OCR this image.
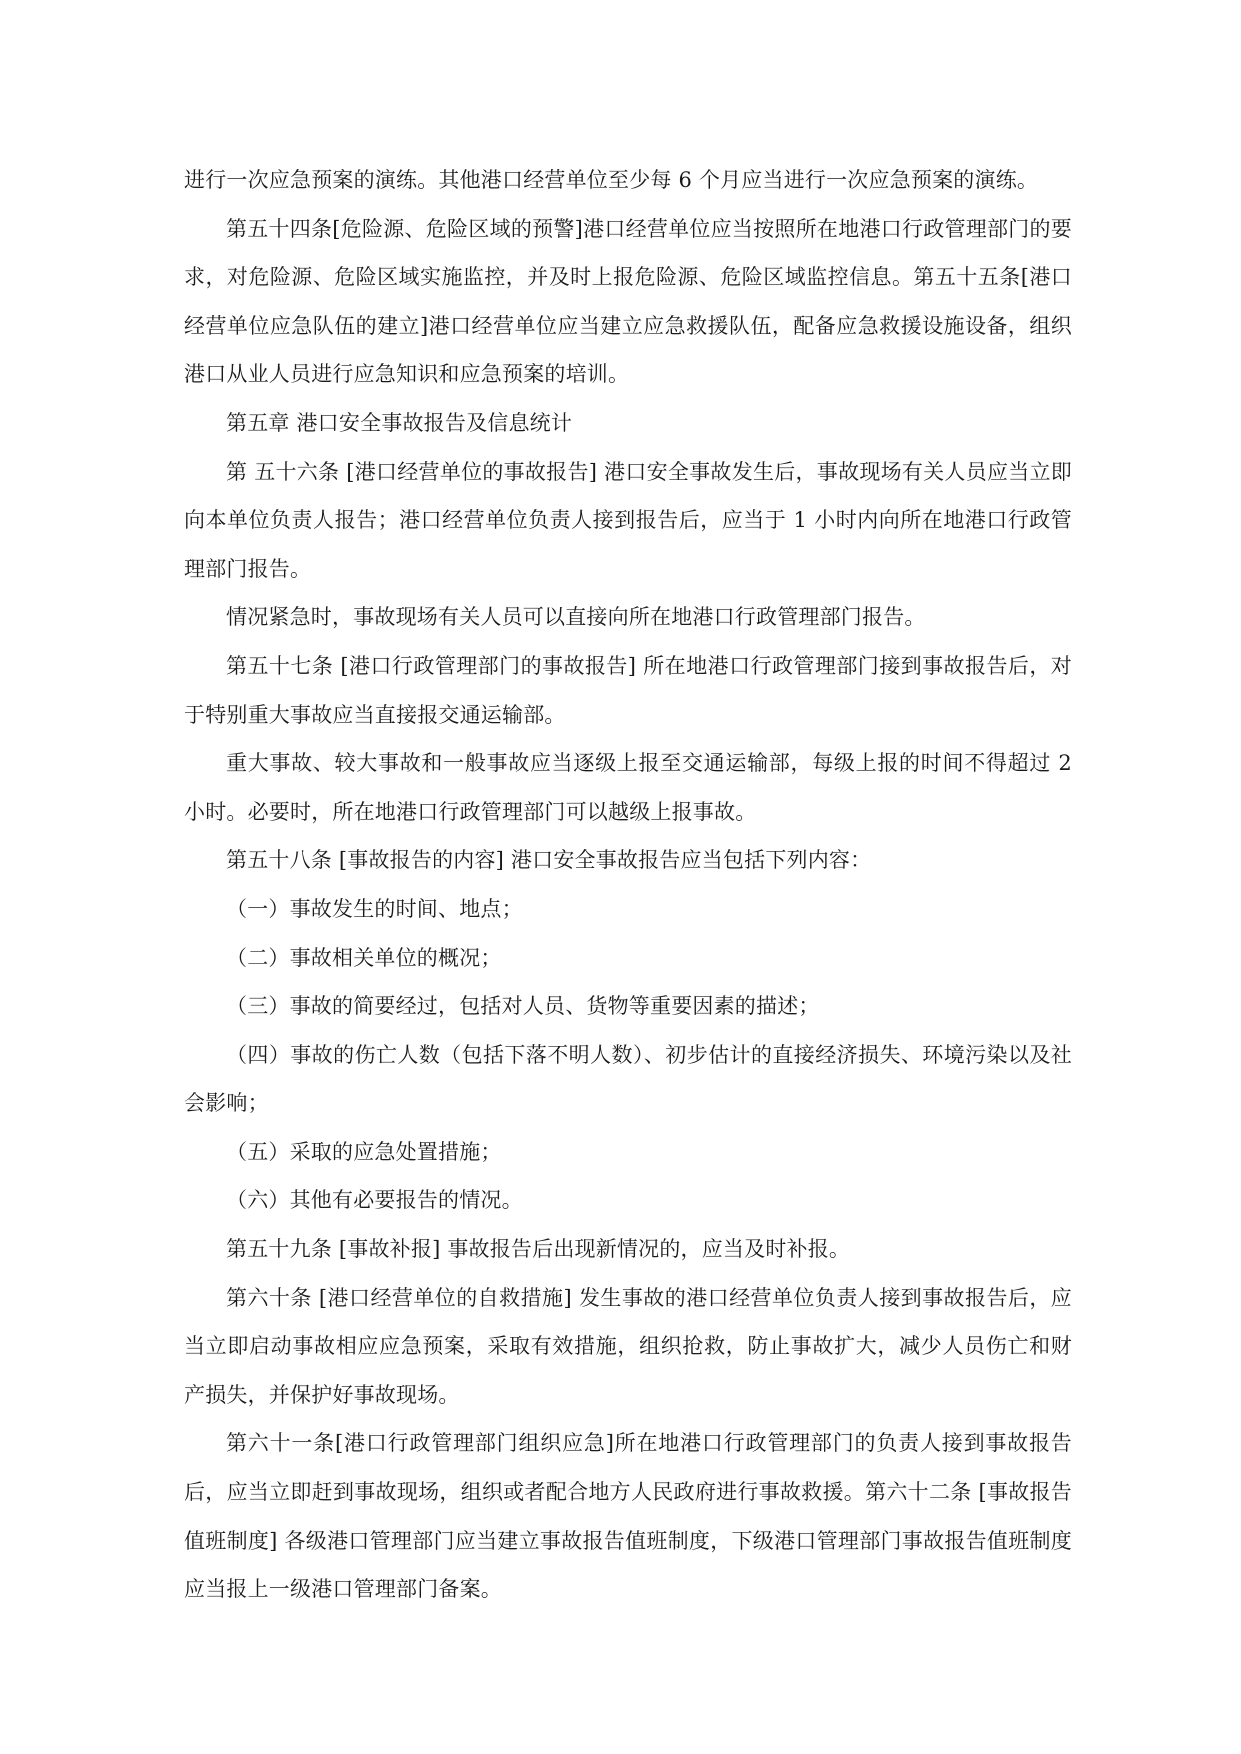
进行一次应急预案的演练。其他港口经营单位至少每 6 个月应当进行一次应急预案的演练。

第五十四条[危险源、危险区域的预警]港口经营单位应当按照所在地港口行政管理部门的要求，对危险源、危险区域实施监控，并及时上报危险源、危险区域监控信息。第五十五条[港口经营单位应急队伍的建立]港口经营单位应当建立应急救援队伍，配备应急救援设施设备，组织港口从业人员进行应急知识和应急预案的培训。

第五章 港口安全事故报告及信息统计

第 五十六条 [港口经营单位的事故报告] 港口安全事故发生后，事故现场有关人员应当立即向本单位负责人报告；港口经营单位负责人接到报告后，应当于 1 小时内向所在地港口行政管理部门报告。

情况紧急时，事故现场有关人员可以直接向所在地港口行政管理部门报告。

第五十七条 [港口行政管理部门的事故报告] 所在地港口行政管理部门接到事故报告后，对于特别重大事故应当直接报交通运输部。

重大事故、较大事故和一般事故应当逐级上报至交通运输部，每级上报的时间不得超过 2 小时。必要时，所在地港口行政管理部门可以越级上报事故。

第五十八条 [事故报告的内容] 港口安全事故报告应当包括下列内容：

（一）事故发生的时间、地点；

（二）事故相关单位的概况；

（三）事故的简要经过，包括对人员、货物等重要因素的描述；

（四）事故的伤亡人数（包括下落不明人数）、初步估计的直接经济损失、环境污染以及社会影响；

（五）采取的应急处置措施；

（六）其他有必要报告的情况。

第五十九条 [事故补报] 事故报告后出现新情况的，应当及时补报。

第六十条 [港口经营单位的自救措施] 发生事故的港口经营单位负责人接到事故报告后，应当立即启动事故相应应急预案，采取有效措施，组织抢救，防止事故扩大，减少人员伤亡和财产损失，并保护好事故现场。

第六十一条[港口行政管理部门组织应急]所在地港口行政管理部门的负责人接到事故报告后，应当立即赶到事故现场，组织或者配合地方人民政府进行事故救援。第六十二条 [事故报告值班制度] 各级港口管理部门应当建立事故报告值班制度，下级港口管理部门事故报告值班制度应当报上一级港口管理部门备案。
